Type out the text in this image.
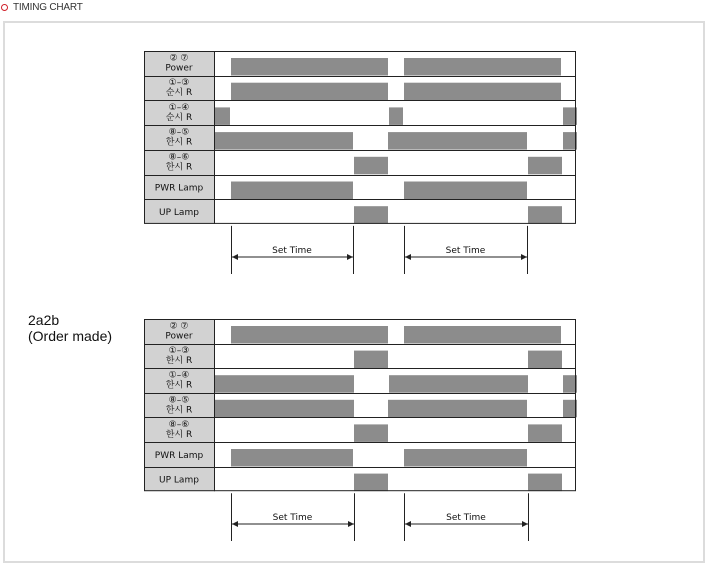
TIMING CHART
2a2b
(Order made)
② ⑦
Power
①–③
순시 R
①–④
순시 R
⑧–⑤
한시 R
⑧–⑥
한시 R
PWR Lamp
UP Lamp
Set Time	Set Time
② ⑦
Power
①–③
한시 R
①–④
한시 R
⑧–⑤
한시 R
⑧–⑥
한시 R
PWR Lamp
UP Lamp
Set Time	Set Time
